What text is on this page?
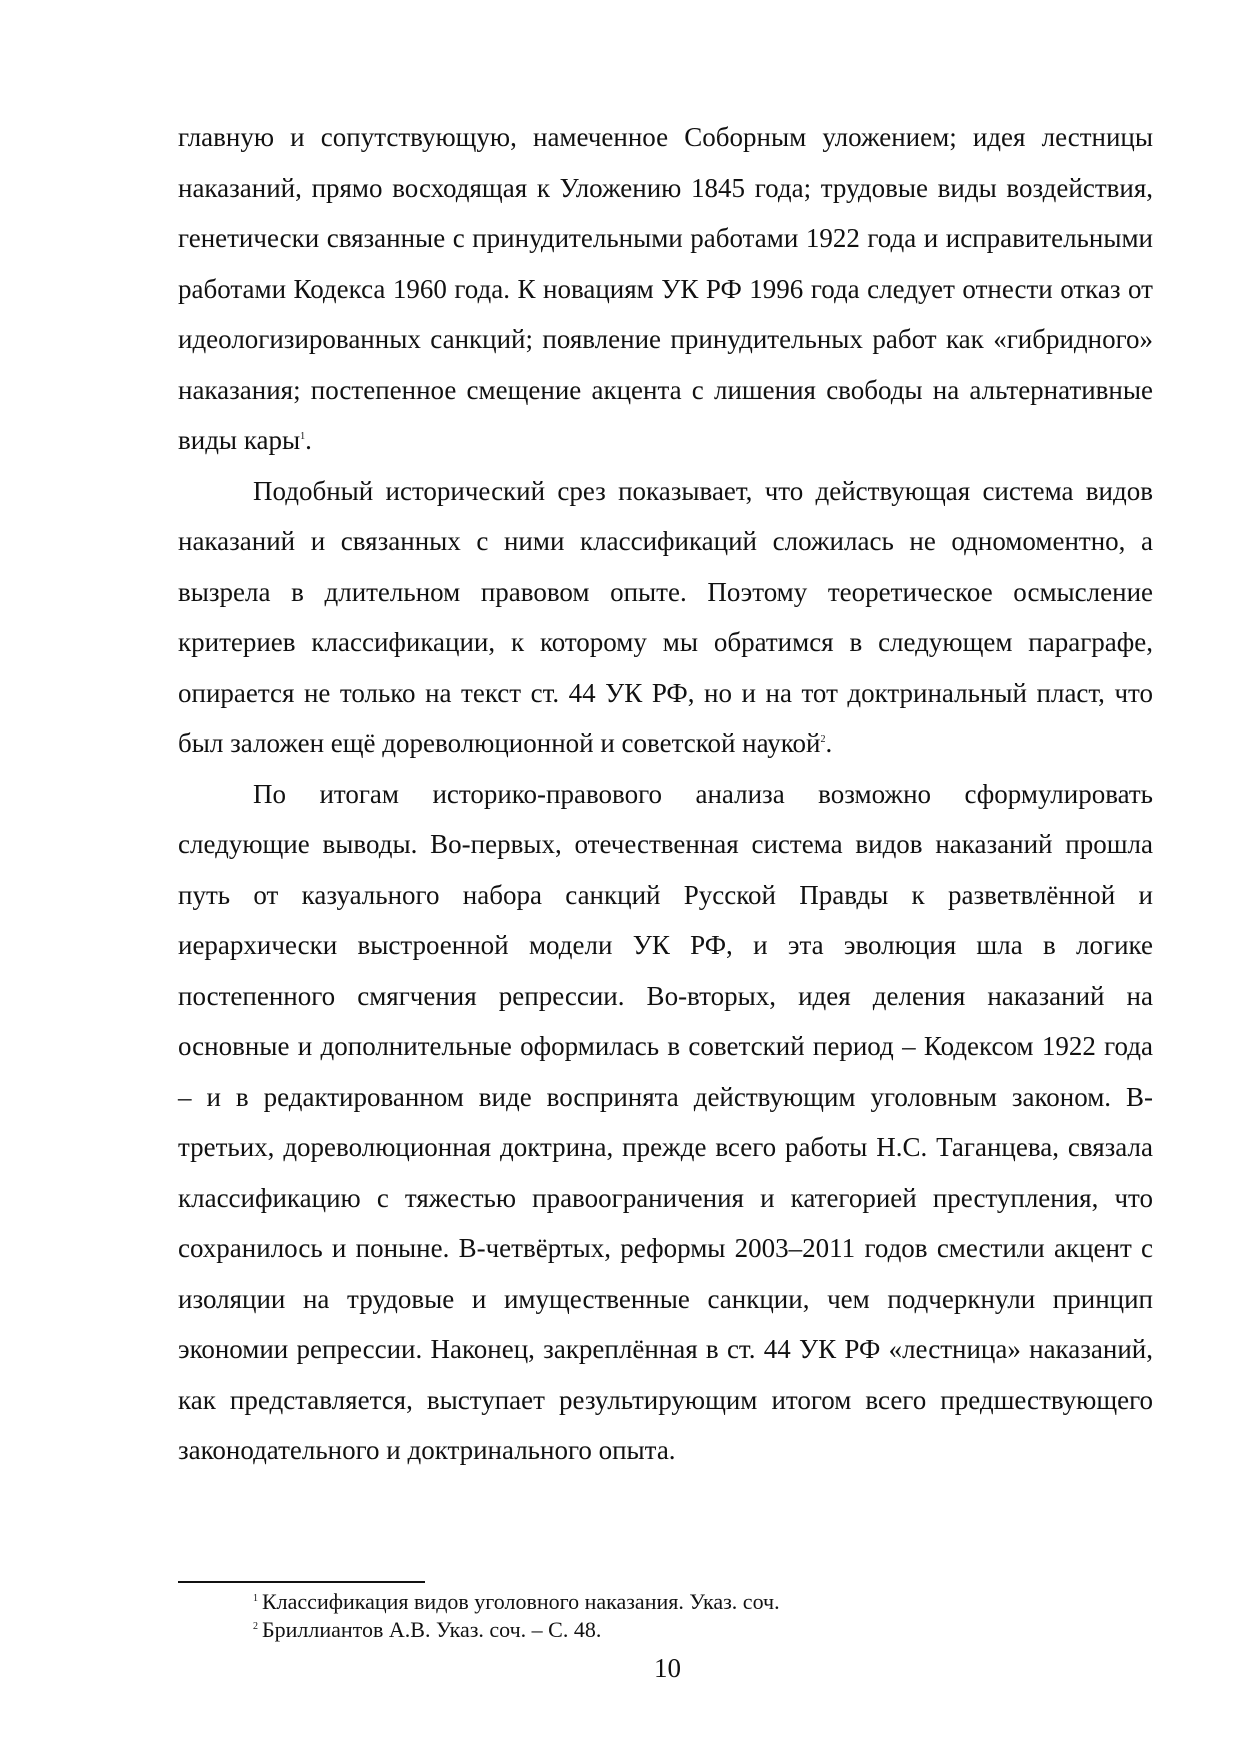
главную и сопутствующую, намеченное Соборным уложением; идея лестницы наказаний, прямо восходящая к Уложению 1845 года; трудовые виды воздействия, генетически связанные с принудительными работами 1922 года и исправительными работами Кодекса 1960 года. К новациям УК РФ 1996 года следует отнести отказ от идеологизированных санкций; появление принудительных работ как «гибридного» наказания; постепенное смещение акцента с лишения свободы на альтернативные виды кары$^1$.

Подобный исторический срез показывает, что действующая система видов наказаний и связанных с ними классификаций сложилась не одномоментно, а вызрела в длительном правовом опыте. Поэтому теоретическое осмысление критериев классификации, к которому мы обратимся в следующем параграфе, опирается не только на текст ст. 44 УК РФ, но и на тот доктринальный пласт, что был заложен ещё дореволюционной и советской наукой$^2$.

По итогам историко-правового анализа возможно сформулировать следующие выводы. Во-первых, отечественная система видов наказаний прошла путь от казуального набора санкций Русской Правды к разветвлённой и иерархически выстроенной модели УК РФ, и эта эволюция шла в логике постепенного смягчения репрессии. Во-вторых, идея деления наказаний на основные и дополнительные оформилась в советский период – Кодексом 1922 года – и в редактированном виде воспринята действующим уголовным законом. В-третьих, дореволюционная доктрина, прежде всего работы Н.С. Таганцева, связала классификацию с тяжестью правоограничения и категорией преступления, что сохранилось и поныне. В-четвёртых, реформы 2003–2011 годов сместили акцент с изоляции на трудовые и имущественные санкции, чем подчеркнули принцип экономии репрессии. Наконец, закреплённая в ст. 44 УК РФ «лестница» наказаний, как представляется, выступает результирующим итогом всего предшествующего законодательного и доктринального опыта.

$^1$ Классификация видов уголовного наказания. Указ. соч.

$^2$ Бриллиантов А.В. Указ. соч. – С. 48.

10
